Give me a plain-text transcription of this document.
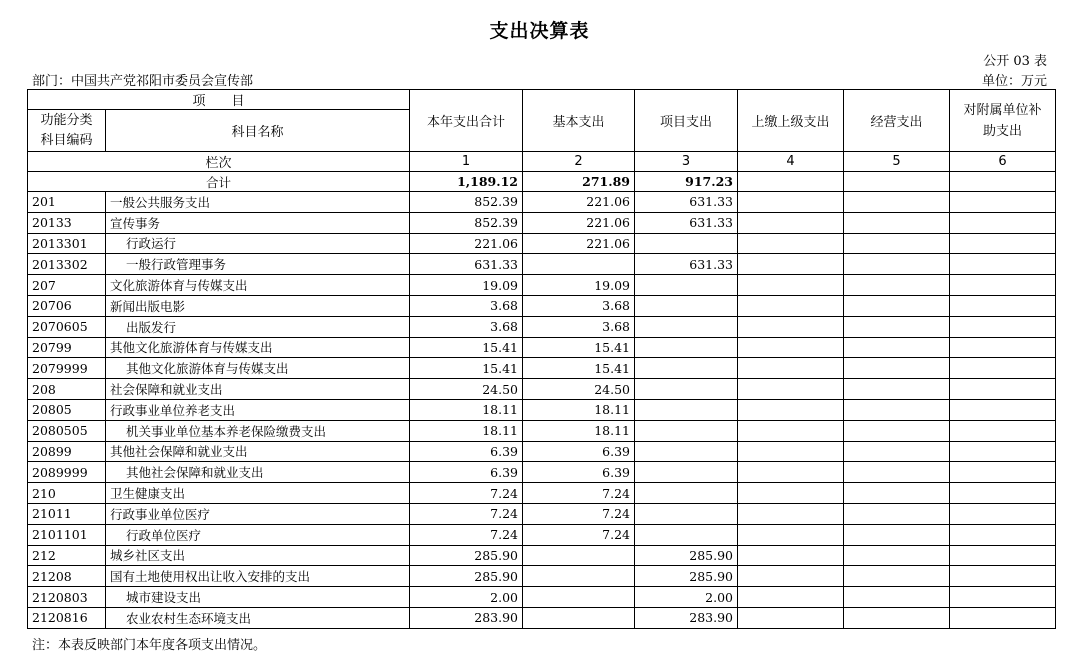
支出决算表
公开 03 表
部门：中国共产党祁阳市委员会宣传部	单位：万元
项　　目		本年支出合计	基本支出	项目支出	上缴上级支出	经营支出	对附属单位补助支出
功能分类科目编码	科目名称						
栏次		1	2	3	4	5	6
合计		1,189.12	271.89	917.23			
201	一般公共服务支出	852.39	221.06	631.33			
20133	宣传事务	852.39	221.06	631.33			
2013301	行政运行	221.06	221.06				
2013302	一般行政管理事务	631.33		631.33			
207	文化旅游体育与传媒支出	19.09	19.09				
20706	新闻出版电影	3.68	3.68				
2070605	出版发行	3.68	3.68				
20799	其他文化旅游体育与传媒支出	15.41	15.41				
2079999	其他文化旅游体育与传媒支出	15.41	15.41				
208	社会保障和就业支出	24.50	24.50				
20805	行政事业单位养老支出	18.11	18.11				
2080505	机关事业单位基本养老保险缴费支出	18.11	18.11				
20899	其他社会保障和就业支出	6.39	6.39				
2089999	其他社会保障和就业支出	6.39	6.39				
210	卫生健康支出	7.24	7.24				
21011	行政事业单位医疗	7.24	7.24				
2101101	行政单位医疗	7.24	7.24				
212	城乡社区支出	285.90		285.90			
21208	国有土地使用权出让收入安排的支出	285.90		285.90			
2120803	城市建设支出	2.00		2.00			
2120816	农业农村生态环境支出	283.90		283.90			
注：本表反映部门本年度各项支出情况。
